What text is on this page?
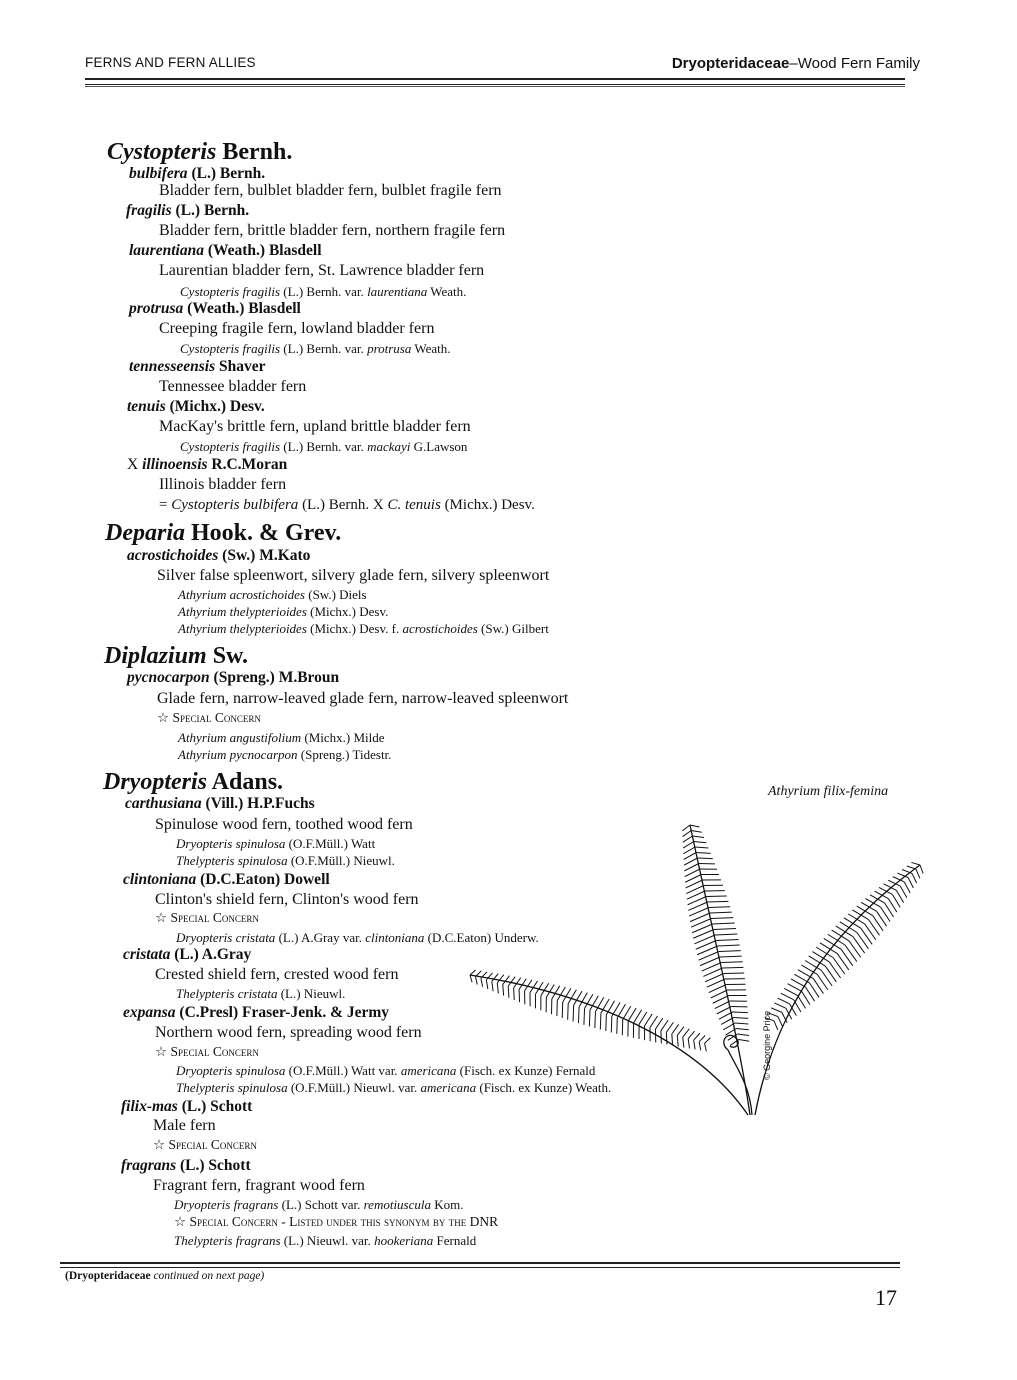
FERNS AND FERN ALLIES	Dryopteridaceae–Wood Fern Family
Cystopteris Bernh.
bulbifera (L.) Bernh.
Bladder fern, bulblet bladder fern, bulblet fragile fern
fragilis (L.) Bernh.
Bladder fern, brittle bladder fern, northern fragile fern
laurentiana (Weath.) Blasdell
Laurentian bladder fern, St. Lawrence bladder fern
Cystopteris fragilis (L.) Bernh. var. laurentiana Weath.
protrusa (Weath.) Blasdell
Creeping fragile fern, lowland bladder fern
Cystopteris fragilis (L.) Bernh. var. protrusa Weath.
tennesseensis Shaver
Tennessee bladder fern
tenuis (Michx.) Desv.
MacKay's brittle fern, upland brittle bladder fern
Cystopteris fragilis (L.) Bernh. var. mackayi G.Lawson
X illinoensis R.C.Moran
Illinois bladder fern
= Cystopteris bulbifera (L.) Bernh. X C. tenuis (Michx.) Desv.
Deparia Hook. & Grev.
acrostichoides (Sw.) M.Kato
Silver false spleenwort, silvery glade fern, silvery spleenwort
Athyrium acrostichoides (Sw.) Diels
Athyrium thelypterioides (Michx.) Desv.
Athyrium thelypterioides (Michx.) Desv. f. acrostichoides (Sw.) Gilbert
Diplazium Sw.
pycnocarpon (Spreng.) M.Broun
Glade fern, narrow-leaved glade fern, narrow-leaved spleenwort
☆ Special Concern
Athyrium angustifolium (Michx.) Milde
Athyrium pycnocarpon (Spreng.) Tidestr.
Dryopteris Adans.
carthusiana (Vill.) H.P.Fuchs
Spinulose wood fern, toothed wood fern
Dryopteris spinulosa (O.F.Müll.) Watt
Thelypteris spinulosa (O.F.Müll.) Nieuwl.
clintoniana (D.C.Eaton) Dowell
Clinton's shield fern, Clinton's wood fern
☆ Special Concern
Dryopteris cristata (L.) A.Gray var. clintoniana (D.C.Eaton) Underw.
cristata (L.) A.Gray
Crested shield fern, crested wood fern
Thelypteris cristata (L.) Nieuwl.
expansa (C.Presl) Fraser-Jenk. & Jermy
Northern wood fern, spreading wood fern
☆ Special Concern
Dryopteris spinulosa (O.F.Müll.) Watt var. americana (Fisch. ex Kunze) Fernald
Thelypteris spinulosa (O.F.Müll.) Nieuwl. var. americana (Fisch. ex Kunze) Weath.
filix-mas (L.) Schott
Male fern
☆ Special Concern
fragrans (L.) Schott
Fragrant fern, fragrant wood fern
Dryopteris fragrans (L.) Schott var. remotiuscula Kom.
☆ Special Concern - Listed under this synonym by the DNR
Thelypteris fragrans (L.) Nieuwl. var. hookeriana Fernald
Athyrium filix-femina
© Georgine Price
(Dryopteridaceae continued on next page)
17
